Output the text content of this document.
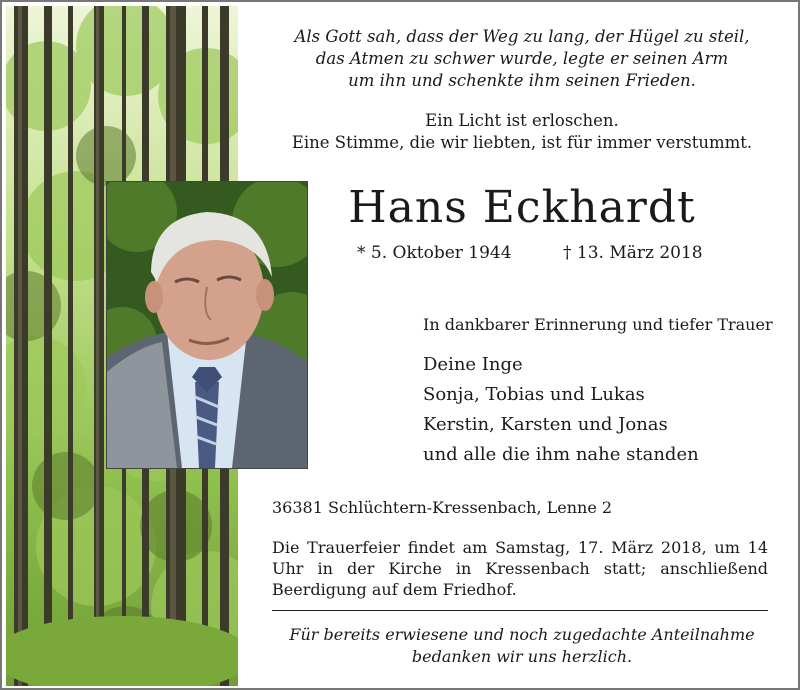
Als Gott sah, dass der Weg zu lang, der Hügel zu steil,
das Atmen zu schwer wurde, legte er seinen Arm
um ihn und schenkte ihm seinen Frieden.
Ein Licht ist erloschen.
Eine Stimme, die wir liebten, ist für immer verstummt.
Hans Eckhardt
* 5. Oktober 1944	† 13. März 2018
In dankbarer Erinnerung und tiefer Trauer
Deine Inge
Sonja, Tobias und Lukas
Kerstin, Karsten und Jonas
und alle die ihm nahe standen
36381 Schlüchtern-Kressenbach, Lenne 2
Die Trauerfeier findet am Samstag, 17. März 2018, um 14 Uhr in der Kirche in Kressenbach statt; anschließend Beerdigung auf dem Friedhof.
Für bereits erwiesene und noch zugedachte Anteilnahme
bedanken wir uns herzlich.
